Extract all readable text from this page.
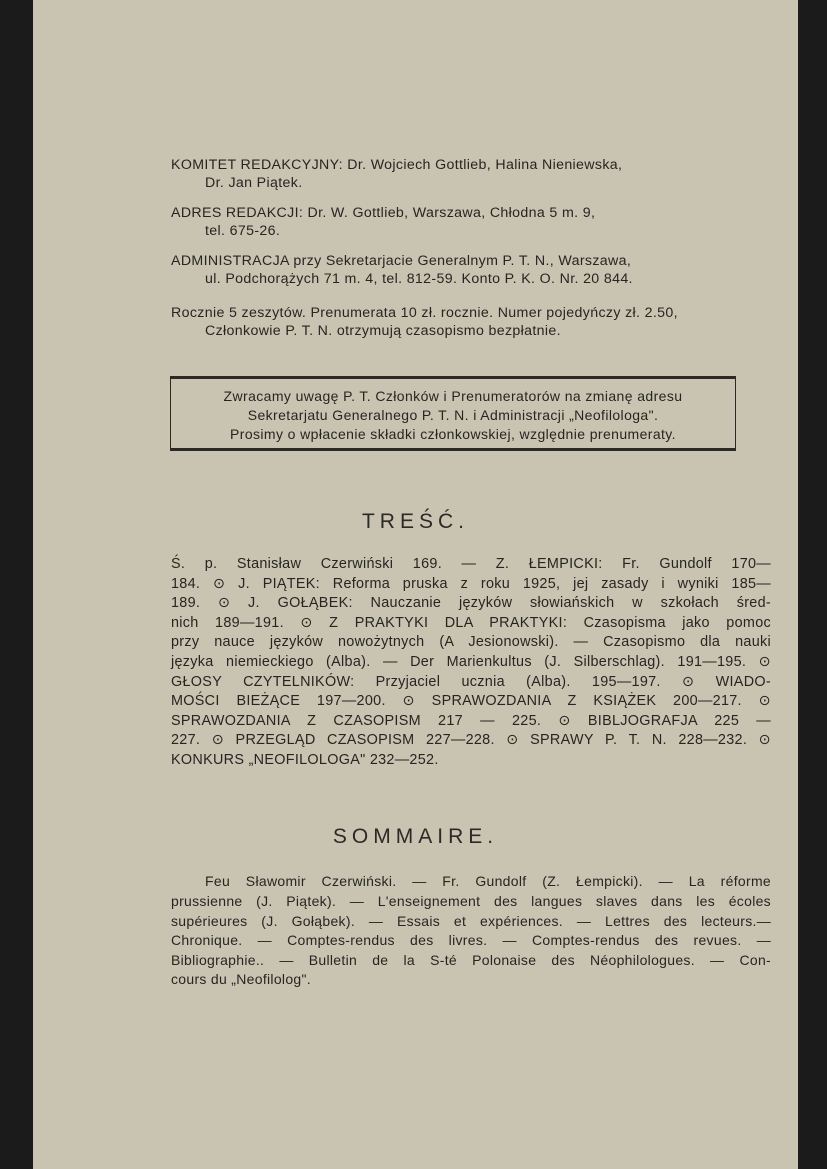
KOMITET REDAKCYJNY: Dr. Wojciech Gottlieb, Halina Nieniewska,

Dr. Jan Piątek.

ADRES REDAKCJI: Dr. W. Gottlieb, Warszawa, Chłodna 5 m. 9,

tel. 675-26.

ADMINISTRACJA przy Sekretarjacie Generalnym P. T. N., Warszawa,

ul. Podchorążych 71 m. 4, tel. 812-59. Konto P. K. O. Nr. 20 844.

Rocznie 5 zeszytów. Prenumerata 10 zł. rocznie. Numer pojedyńczy zł. 2.50,

Członkowie P. T. N. otrzymują czasopismo bezpłatnie.

Zwracamy uwagę P. T. Członków i Prenumeratorów na zmianę adresu
Sekretarjatu Generalnego P. T. N. i Administracji „Neofilologa".
Prosimy o wpłacenie składki członkowskiej, względnie prenumeraty.
TREŚĆ.
Ś. p. Stanisław Czerwiński 169. — Z. ŁEMPICKI: Fr. Gundolf 170—
184. ⊙ J. PIĄTEK: Reforma pruska z roku 1925, jej zasady i wyniki 185—
189. ⊙ J. GOŁĄBEK: Nauczanie języków słowiańskich w szkołach śred-
nich 189—191. ⊙ Z PRAKTYKI DLA PRAKTYKI: Czasopisma jako pomoc
przy nauce języków nowożytnych (A Jesionowski). — Czasopismo dla nauki
języka niemieckiego (Alba). — Der Marienkultus (J. Silberschlag). 191—195. ⊙
GŁOSY CZYTELNIKÓW: Przyjaciel ucznia (Alba). 195—197. ⊙ WIADO-
MOŚCI BIEŻĄCE 197—200. ⊙ SPRAWOZDANIA Z KSIĄŻEK 200—217. ⊙
SPRAWOZDANIA Z CZASOPISM 217 — 225. ⊙ BIBLJOGRAFJA 225 —
227. ⊙ PRZEGLĄD CZASOPISM 227—228. ⊙ SPRAWY P. T. N. 228—232. ⊙
KONKURS „NEOFILOLOGA" 232—252.
SOMMAIRE.
Feu Sławomir Czerwiński. — Fr. Gundolf (Z. Łempicki). — La réforme
prussienne (J. Piątek). — L'enseignement des langues slaves dans les écoles
supérieures (J. Gołąbek). — Essais et expériences. — Lettres des lecteurs.—
Chronique. — Comptes-rendus des livres. — Comptes-rendus des revues. —
Bibliographie.. — Bulletin de la S-té Polonaise des Néophilologues. — Con-
cours du „Neofilolog".
